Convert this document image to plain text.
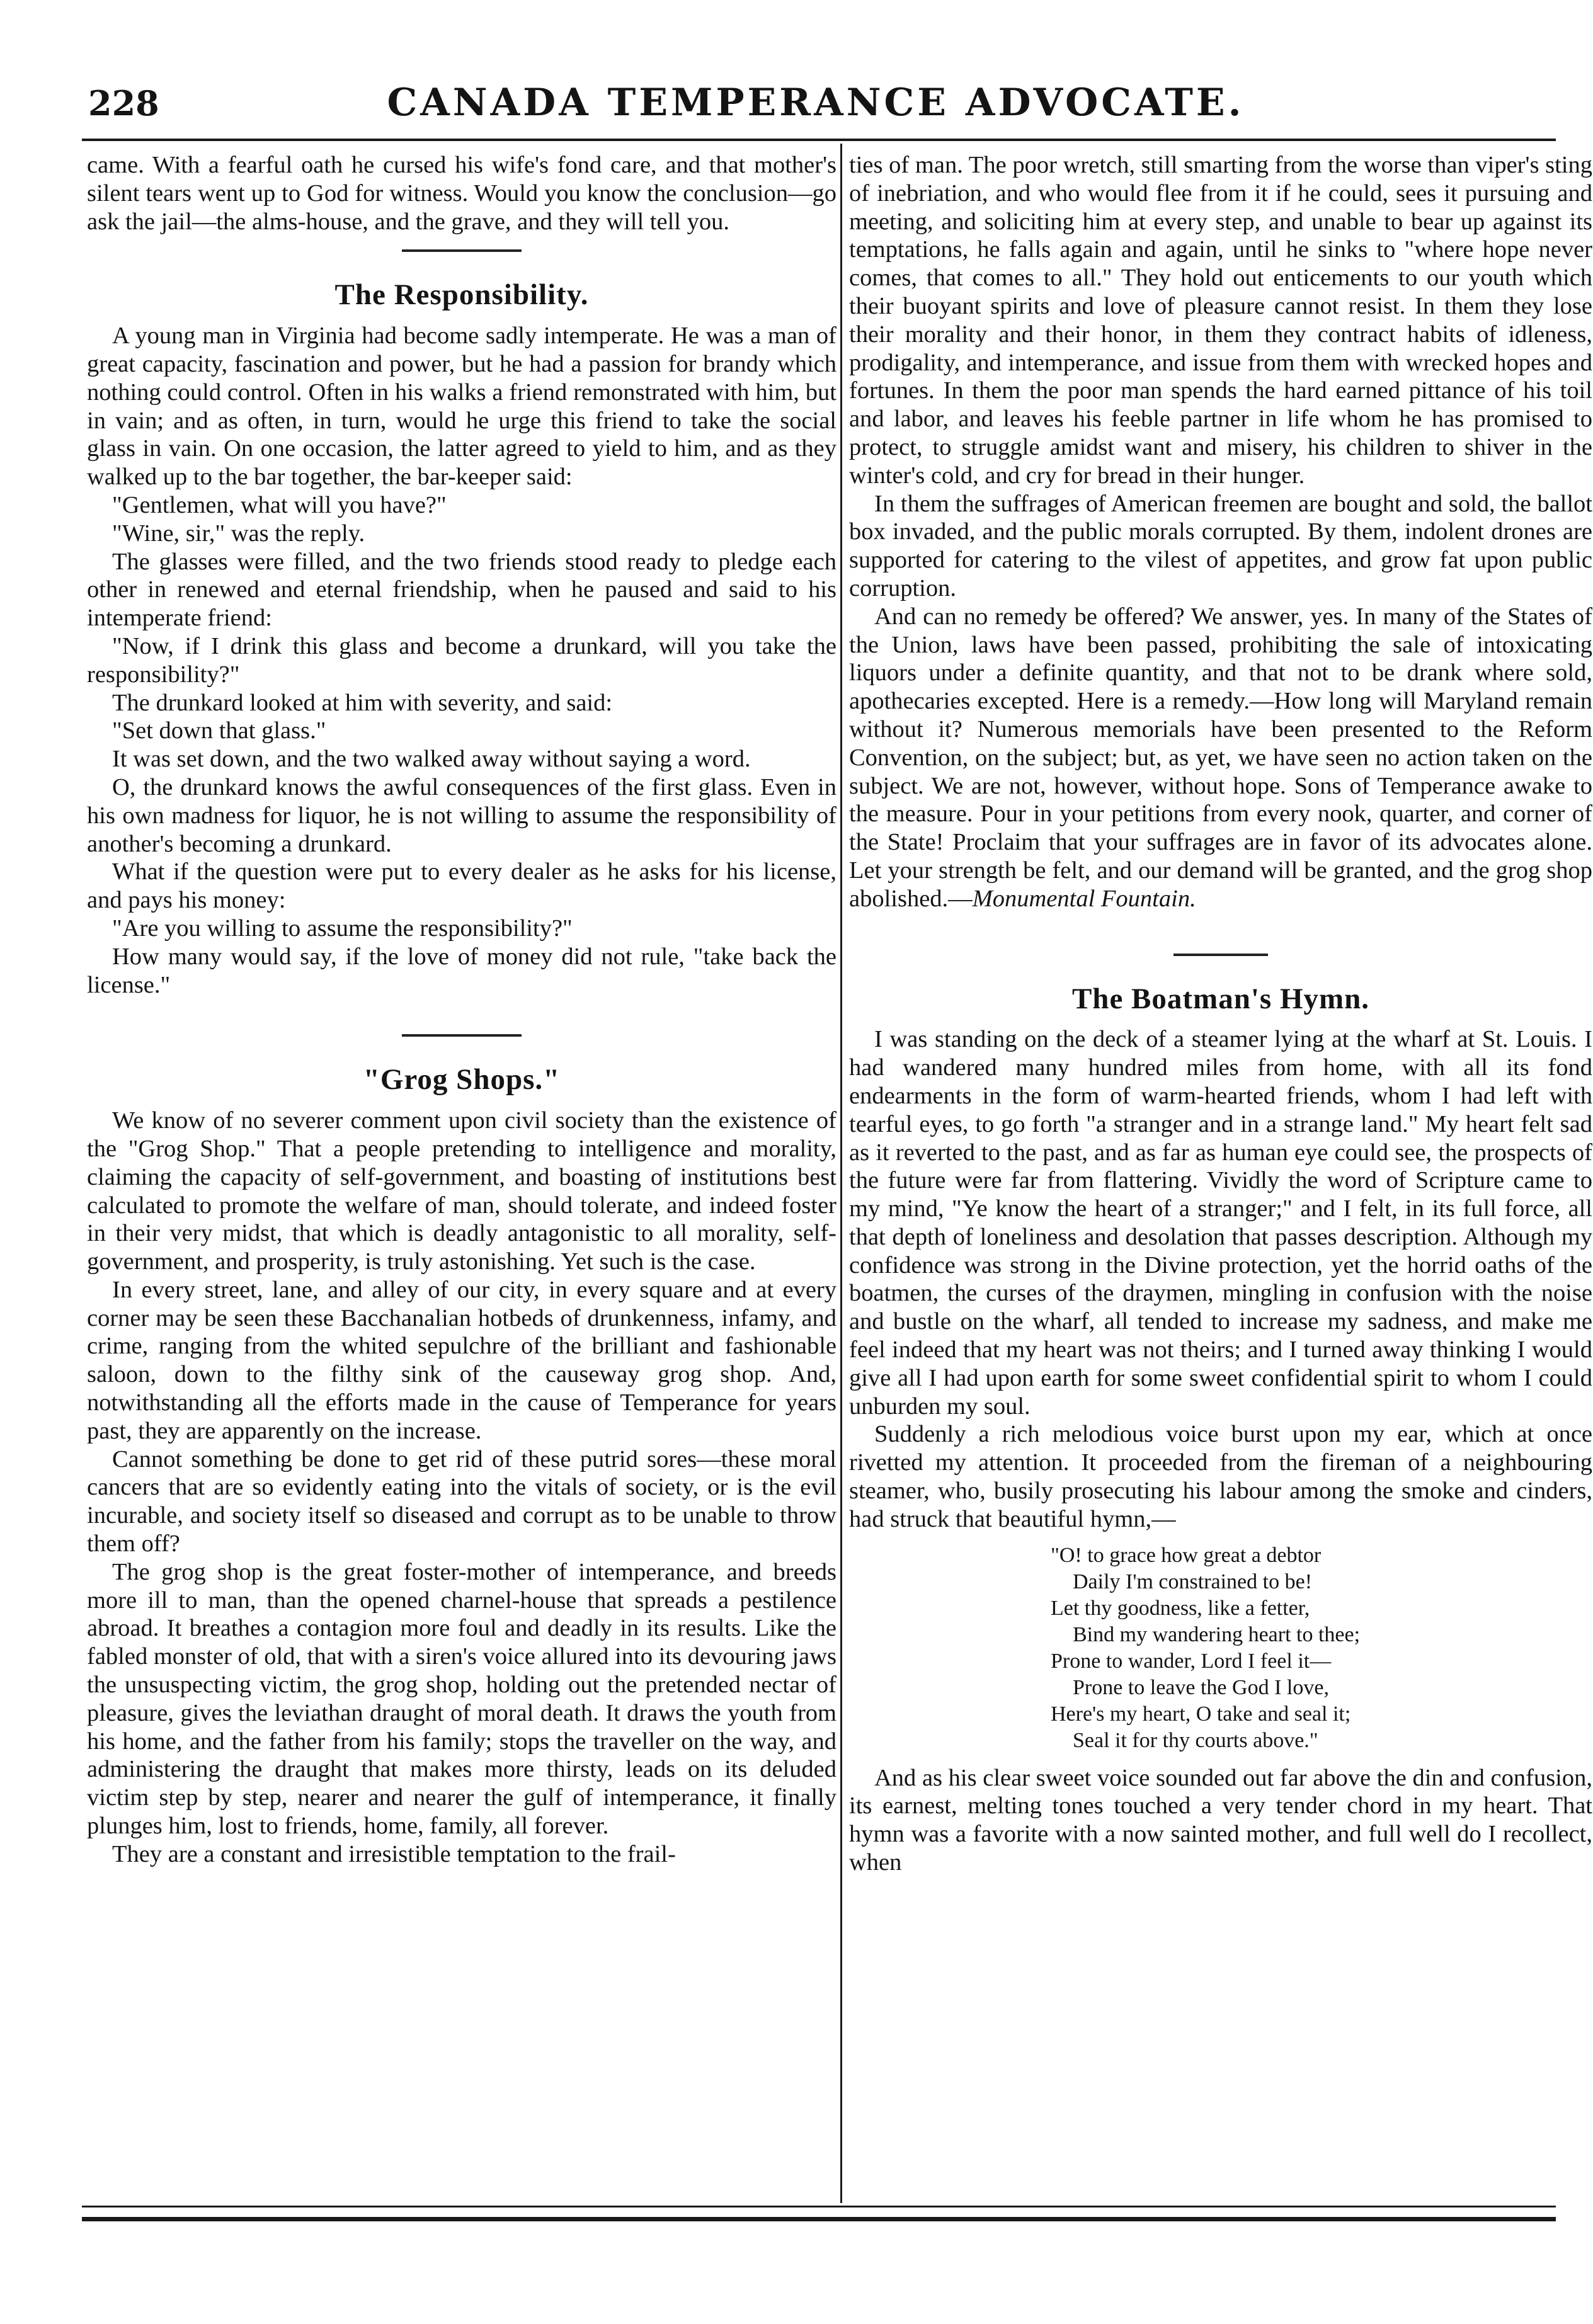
228	CANADA TEMPERANCE ADVOCATE.

came. With a fearful oath he cursed his wife's fond care, and that mother's silent tears went up to God for witness. Would you know the conclusion—go ask the jail—the alms-house, and the grave, and they will tell you.

The Responsibility.

A young man in Virginia had become sadly intemperate. He was a man of great capacity, fascination and power, but he had a passion for brandy which nothing could control. Often in his walks a friend remonstrated with him, but in vain; and as often, in turn, would he urge this friend to take the social glass in vain. On one occasion, the latter agreed to yield to him, and as they walked up to the bar together, the bar-keeper said:

"Gentlemen, what will you have?"

"Wine, sir," was the reply.

The glasses were filled, and the two friends stood ready to pledge each other in renewed and eternal friendship, when he paused and said to his intemperate friend:

"Now, if I drink this glass and become a drunkard, will you take the responsibility?"

The drunkard looked at him with severity, and said:

"Set down that glass."

It was set down, and the two walked away without saying a word.

O, the drunkard knows the awful consequences of the first glass. Even in his own madness for liquor, he is not willing to assume the responsibility of another's becoming a drunkard.

What if the question were put to every dealer as he asks for his license, and pays his money:

"Are you willing to assume the responsibility?"

How many would say, if the love of money did not rule, "take back the license."

"Grog Shops."

We know of no severer comment upon civil society than the existence of the "Grog Shop." That a people pretending to intelligence and morality, claiming the capacity of self-government, and boasting of institutions best calculated to promote the welfare of man, should tolerate, and indeed foster in their very midst, that which is deadly antagonistic to all morality, self-government, and prosperity, is truly astonishing. Yet such is the case.

In every street, lane, and alley of our city, in every square and at every corner may be seen these Bacchanalian hotbeds of drunkenness, infamy, and crime, ranging from the whited sepulchre of the brilliant and fashionable saloon, down to the filthy sink of the causeway grog shop. And, notwithstanding all the efforts made in the cause of Temperance for years past, they are apparently on the increase.

Cannot something be done to get rid of these putrid sores—these moral cancers that are so evidently eating into the vitals of society, or is the evil incurable, and society itself so diseased and corrupt as to be unable to throw them off?

The grog shop is the great foster-mother of intemperance, and breeds more ill to man, than the opened charnel-house that spreads a pestilence abroad. It breathes a contagion more foul and deadly in its results. Like the fabled monster of old, that with a siren's voice allured into its devouring jaws the unsuspecting victim, the grog shop, holding out the pretended nectar of pleasure, gives the leviathan draught of moral death. It draws the youth from his home, and the father from his family; stops the traveller on the way, and administering the draught that makes more thirsty, leads on its deluded victim step by step, nearer and nearer the gulf of intemperance, it finally plunges him, lost to friends, home, family, all forever.

They are a constant and irresistible temptation to the frail-

ties of man. The poor wretch, still smarting from the worse than viper's sting of inebriation, and who would flee from it if he could, sees it pursuing and meeting, and soliciting him at every step, and unable to bear up against its temptations, he falls again and again, until he sinks to "where hope never comes, that comes to all." They hold out enticements to our youth which their buoyant spirits and love of pleasure cannot resist. In them they lose their morality and their honor, in them they contract habits of idleness, prodigality, and intemperance, and issue from them with wrecked hopes and fortunes. In them the poor man spends the hard earned pittance of his toil and labor, and leaves his feeble partner in life whom he has promised to protect, to struggle amidst want and misery, his children to shiver in the winter's cold, and cry for bread in their hunger.

In them the suffrages of American freemen are bought and sold, the ballot box invaded, and the public morals corrupted. By them, indolent drones are supported for catering to the vilest of appetites, and grow fat upon public corruption.

And can no remedy be offered? We answer, yes. In many of the States of the Union, laws have been passed, prohibiting the sale of intoxicating liquors under a definite quantity, and that not to be drank where sold, apothecaries excepted. Here is a remedy.—How long will Maryland remain without it? Numerous memorials have been presented to the Reform Convention, on the subject; but, as yet, we have seen no action taken on the subject. We are not, however, without hope. Sons of Temperance awake to the measure. Pour in your petitions from every nook, quarter, and corner of the State! Proclaim that your suffrages are in favor of its advocates alone. Let your strength be felt, and our demand will be granted, and the grog shop abolished.—Monumental Fountain.

The Boatman's Hymn.

I was standing on the deck of a steamer lying at the wharf at St. Louis. I had wandered many hundred miles from home, with all its fond endearments in the form of warm-hearted friends, whom I had left with tearful eyes, to go forth "a stranger and in a strange land." My heart felt sad as it reverted to the past, and as far as human eye could see, the prospects of the future were far from flattering. Vividly the word of Scripture came to my mind, "Ye know the heart of a stranger;" and I felt, in its full force, all that depth of loneliness and desolation that passes description. Although my confidence was strong in the Divine protection, yet the horrid oaths of the boatmen, the curses of the draymen, mingling in confusion with the noise and bustle on the wharf, all tended to increase my sadness, and make me feel indeed that my heart was not theirs; and I turned away thinking I would give all I had upon earth for some sweet confidential spirit to whom I could unburden my soul.

Suddenly a rich melodious voice burst upon my ear, which at once rivetted my attention. It proceeded from the fireman of a neighbouring steamer, who, busily prosecuting his labour among the smoke and cinders, had struck that beautiful hymn,—

"O! to grace how great a debtor
Daily I'm constrained to be!
Let thy goodness, like a fetter,
Bind my wandering heart to thee;
Prone to wander, Lord I feel it—
Prone to leave the God I love,
Here's my heart, O take and seal it;
Seal it for thy courts above."

And as his clear sweet voice sounded out far above the din and confusion, its earnest, melting tones touched a very tender chord in my heart. That hymn was a favorite with a now sainted mother, and full well do I recollect, when
